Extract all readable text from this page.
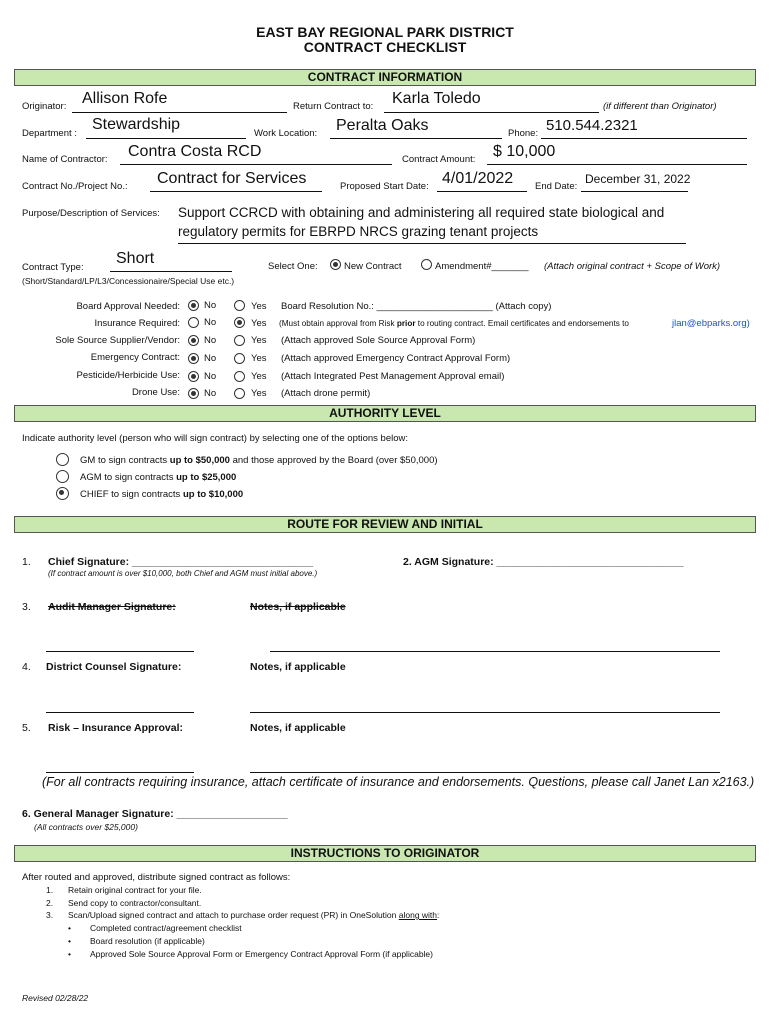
EAST BAY REGIONAL PARK DISTRICT
CONTRACT CHECKLIST
CONTRACT INFORMATION
Originator: Allison Rofe	Return Contract to: Karla Toledo	(if different than Originator)
Department :
Stewardship
Work Location: Peralta Oaks	Phone: 510.544.2321
Name of Contractor: Contra Costa RCD	Contract Amount: $ 10,000
Contract No./Project No.: Contract for Services	Proposed Start Date: 4/01/2022 End Date:
December 31, 2022
Purpose/Description of Services: Support CCRCD with obtaining and administering all required state biological and
regulatory permits for EBRPD NRCS grazing tenant projects
Contract Type:
Short
(Short/Standard/LP/L3/Concessionaire/Special Use etc.)
Select One:	New Contract	Amendment#_______ (Attach original contract + Scope of Work)
Board Approval Needed:	No	Yes Board Resolution No.: ______________________ (Attach copy)
Insurance Required:	No	Yes (Must obtain approval from Risk prior to routing contract. Email certificates and endorsements to	jlan@ebparks.org)
Sole Source Supplier/Vendor:	No	Yes (Attach approved Sole Source Approval Form)
Emergency Contract:	No	Yes (Attach approved Emergency Contract Approval Form)
Pesticide/Herbicide Use:	No	Yes (Attach Integrated Pest Management Approval email)
Drone Use:	No	Yes (Attach drone permit)
AUTHORITY LEVEL
Indicate authority level (person who will sign contract) by selecting one of the options below:
GM to sign contracts up to $50,000 and those approved by the Board (over $50,000)
AGM to sign contracts up to $25,000
CHIEF to sign contracts up to $10,000
ROUTE FOR REVIEW AND INITIAL
1. Chief Signature: _______________________________
(If contract amount is over $10,000, both Chief and AGM must initial above.)
2. AGM Signature: ________________________________
3. Audit Manager Signature:	Notes, if applicable
4. District Counsel Signature:	Notes, if applicable
5. Risk – Insurance Approval:	Notes, if applicable
(For all contracts requiring insurance, attach certificate of insurance and endorsements. Questions, please call Janet Lan x2163.)
6. General Manager Signature: ___________________
(All contracts over $25,000)
INSTRUCTIONS TO ORIGINATOR
After routed and approved, distribute signed contract as follows:
1. Retain original contract for your file.
2. Send copy to contractor/consultant.
3. Scan/Upload signed contract and attach to purchase order request (PR) in OneSolution along with:
• Completed contract/agreement checklist
• Board resolution (if applicable)
• Approved Sole Source Approval Form or Emergency Contract Approval Form (if applicable)
Revised 02/28/22
